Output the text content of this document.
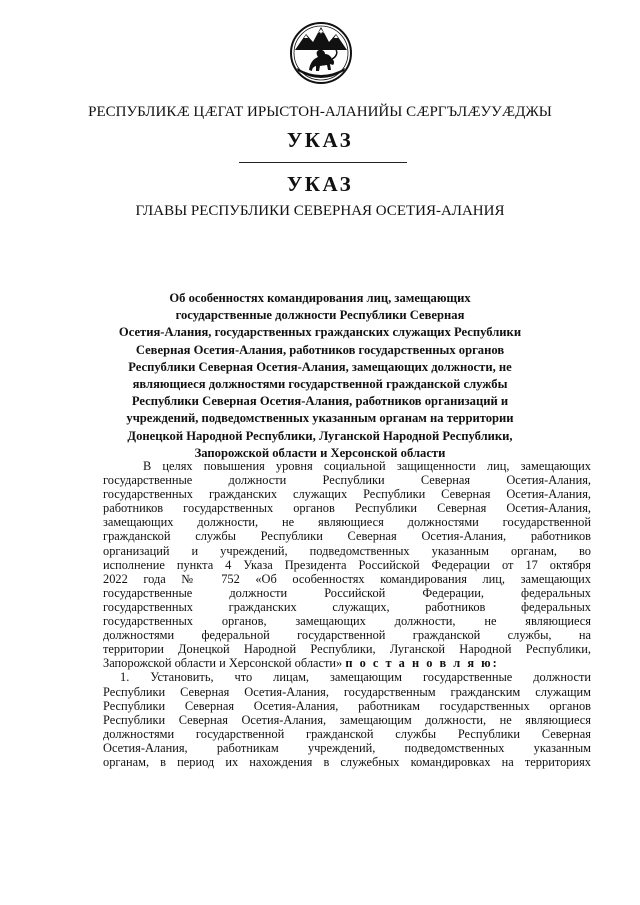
РЕСПУБЛИКӔ ЦӔГАТ ИРЫСТОН-АЛАНИЙЫ СӔРГЪЛӔУУӔДЖЫ
УКАЗ
УКАЗ
ГЛАВЫ РЕСПУБЛИКИ СЕВЕРНАЯ ОСЕТИЯ-АЛАНИЯ
Об особенностях командирования лиц, замещающих
государственные должности Республики Северная
Осетия-Алания, государственных гражданских служащих Республики
Северная Осетия-Алания, работников государственных органов
Республики Северная Осетия-Алания, замещающих должности, не
являющиеся должностями государственной гражданской службы
Республики Северная Осетия-Алания, работников организаций и
учреждений, подведомственных указанным органам на территории
Донецкой Народной Республики, Луганской Народной Республики,
Запорожской области и Херсонской области
В целях повышения уровня социальной защищенности лиц, замещающих
государственные должности Республики Северная Осетия-Алания,
государственных гражданских служащих Республики Северная Осетия-Алания,
работников государственных органов Республики Северная Осетия-Алания,
замещающих должности, не являющиеся должностями государственной
гражданской службы Республики Северная Осетия-Алания, работников
организаций и учреждений, подведомственных указанным органам, во
исполнение пункта 4 Указа Президента Российской Федерации от 17 октября
2022 года № 752 «Об особенностях командирования лиц, замещающих
государственные должности Российской Федерации, федеральных
государственных гражданских служащих, работников федеральных
государственных органов, замещающих должности, не являющиеся
должностями федеральной государственной гражданской службы, на
территории Донецкой Народной Республики, Луганской Народной Республики,
Запорожской области и Херсонской области» п о с т а н о в л я ю:
1. Установить, что лицам, замещающим государственные должности
Республики Северная Осетия-Алания, государственным гражданским служащим
Республики Северная Осетия-Алания, работникам государственных органов
Республики Северная Осетия-Алания, замещающим должности, не являющиеся
должностями государственной гражданской службы Республики Северная
Осетия-Алания, работникам учреждений, подведомственных указанным
органам, в период их нахождения в служебных командировках на территориях
